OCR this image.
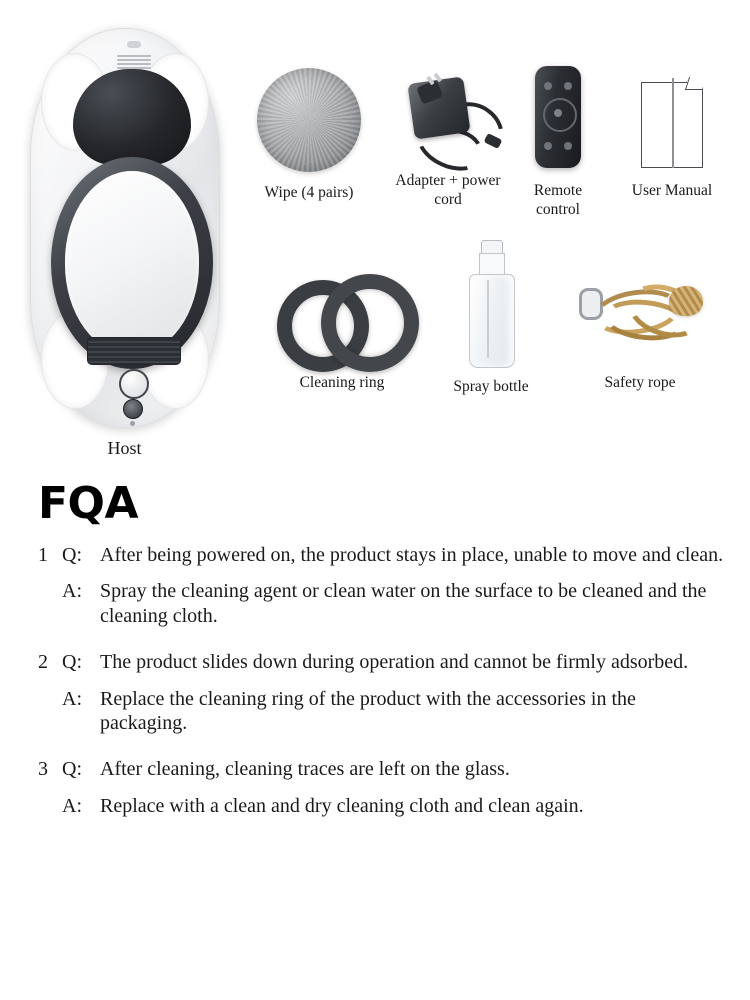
Host
Wipe (4 pairs)
Adapter + power cord
Remote control
User Manual
Cleaning ring	Spray bottle	Safety rope
FQA
1 Q: After being powered on, the product stays in place, unable to move and clean.
A: Spray the cleaning agent or clean water on the surface to be cleaned and the cleaning cloth.
2 Q: The product slides down during operation and cannot be firmly adsorbed.
A: Replace the cleaning ring of the product with the accessories in the packaging.
3 Q: After cleaning, cleaning traces are left on the glass.
A: Replace with a clean and dry cleaning cloth and clean again.
